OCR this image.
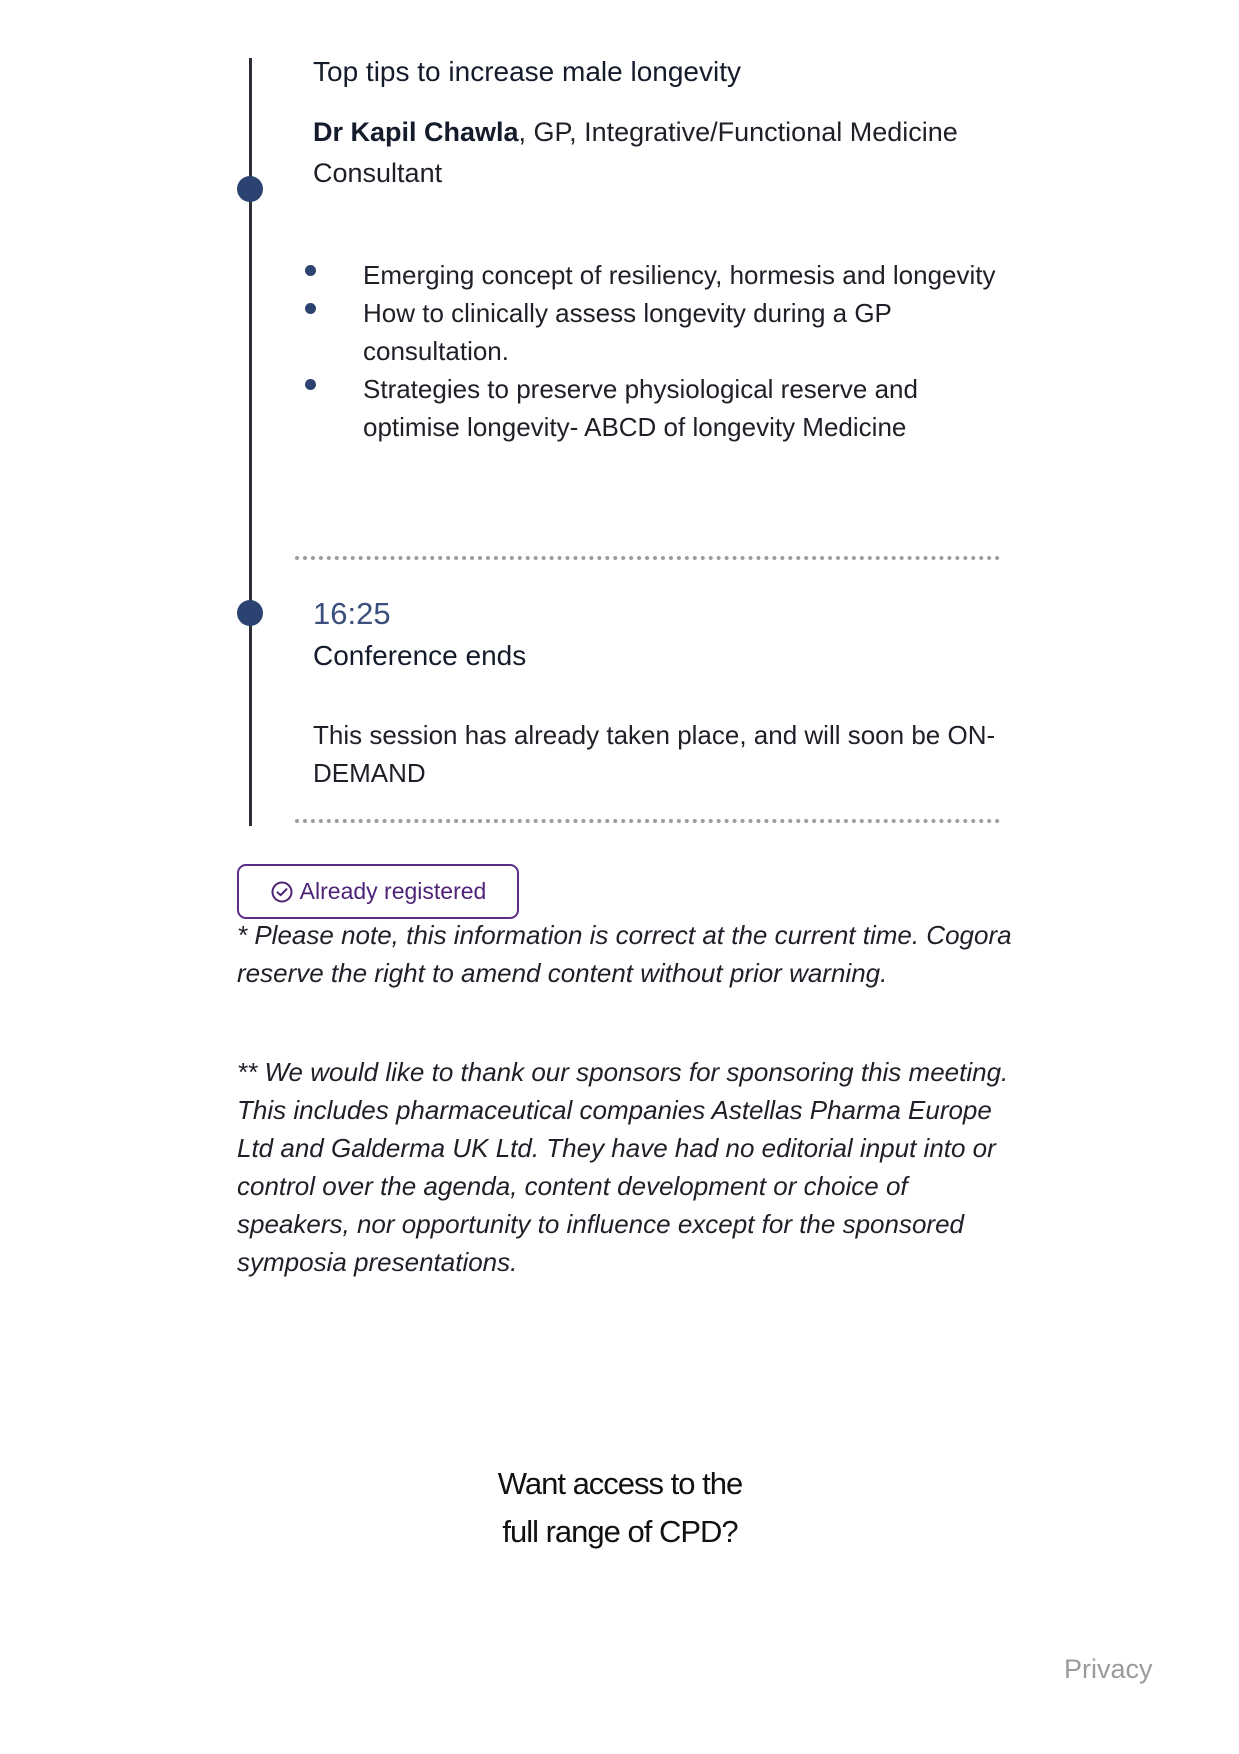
Top tips to increase male longevity
Dr Kapil Chawla, GP, Integrative/Functional Medicine Consultant
Emerging concept of resiliency, hormesis and longevity
How to clinically assess longevity during a GP consultation.
Strategies to preserve physiological reserve and optimise longevity- ABCD of longevity Medicine
16:25
Conference ends
This session has already taken place, and will soon be ON-DEMAND
Already registered

* Please note, this information is correct at the current time. Cogora reserve the right to amend content without prior warning.

** We would like to thank our sponsors for sponsoring this meeting. This includes pharmaceutical companies Astellas Pharma Europe Ltd and Galderma UK Ltd. They have had no editorial input into or control over the agenda, content development or choice of speakers, nor opportunity to influence except for the sponsored symposia presentations.

Want access to the
full range of CPD?
Privacy
